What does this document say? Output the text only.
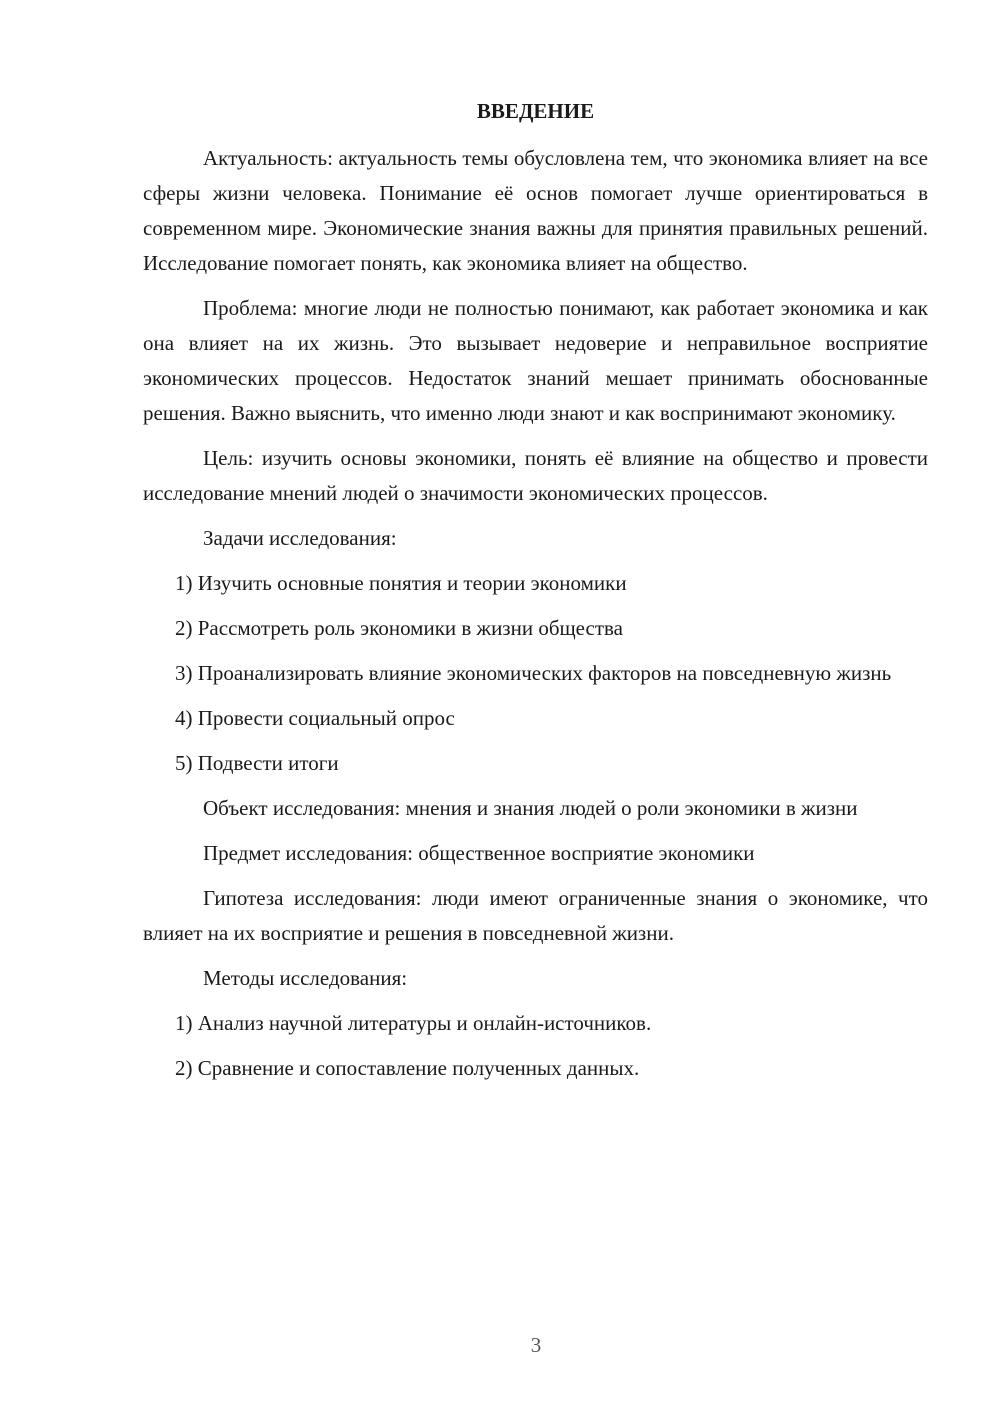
ВВЕДЕНИЕ

Актуальность: актуальность темы обусловлена тем, что экономика влияет на все сферы жизни человека. Понимание её основ помогает лучше ориентироваться в современном мире. Экономические знания важны для принятия правильных решений. Исследование помогает понять, как экономика влияет на общество.

Проблема: многие люди не полностью понимают, как работает экономика и как она влияет на их жизнь. Это вызывает недоверие и неправильное восприятие экономических процессов. Недостаток знаний мешает принимать обоснованные решения. Важно выяснить, что именно люди знают и как воспринимают экономику.

Цель: изучить основы экономики, понять её влияние на общество и провести исследование мнений людей о значимости экономических процессов.

Задачи исследования:

1) Изучить основные понятия и теории экономики

2) Рассмотреть роль экономики в жизни общества

3) Проанализировать влияние экономических факторов на повседневную жизнь

4) Провести социальный опрос

5) Подвести итоги

Объект исследования: мнения и знания людей о роли экономики в жизни

Предмет исследования: общественное восприятие экономики

Гипотеза исследования: люди имеют ограниченные знания о экономике, что влияет на их восприятие и решения в повседневной жизни.

Методы исследования:

1) Анализ научной литературы и онлайн-источников.

2) Сравнение и сопоставление полученных данных.

3
